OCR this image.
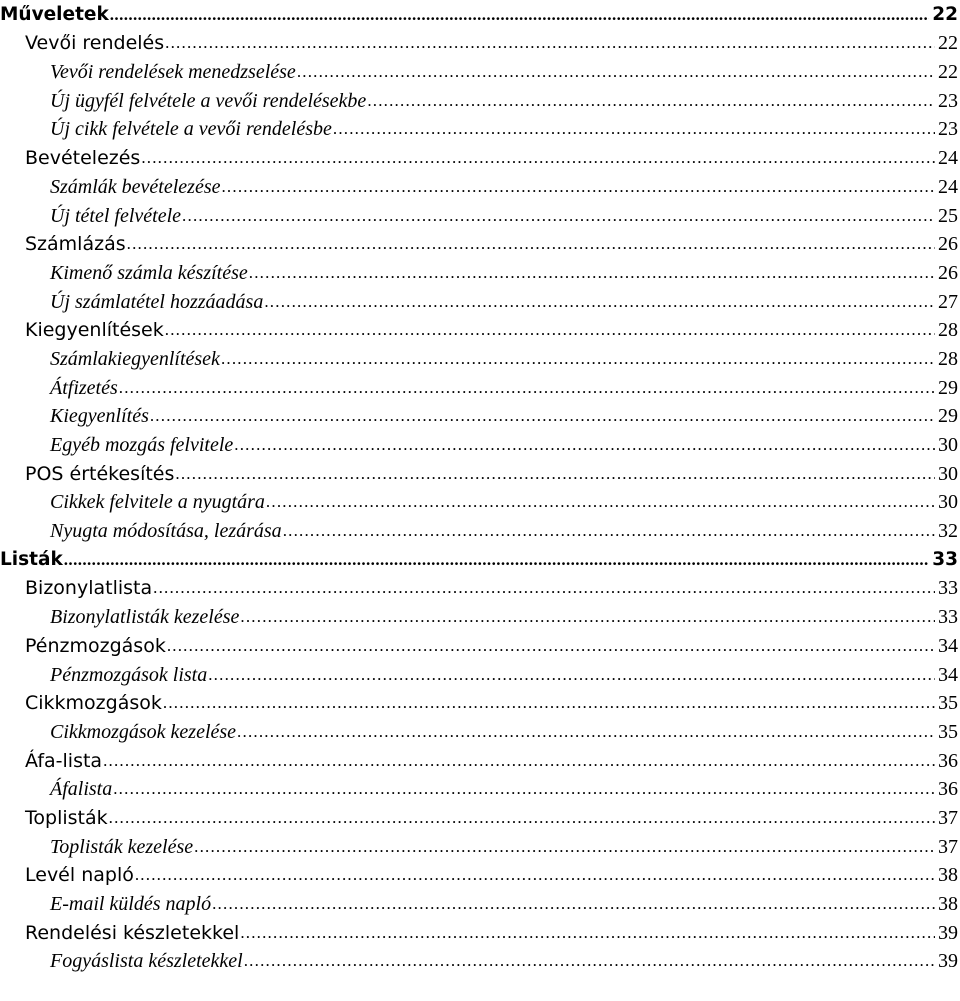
Műveletek .....	22
Vevői rendelés .....	22
Vevői rendelések menedzselése .....	22
Új ügyfél felvétele a vevői rendelésekbe .....	23
Új cikk felvétele a vevői rendelésbe .....	23
Bevételezés .....	24
Számlák bevételezése .....	24
Új tétel felvétele .....	25
Számlázás .....	26
Kimenő számla készítése .....	26
Új számlatétel hozzáadása .....	27
Kiegyenlítések .....	28
Számlakiegyenlítések .....	28
Átfizetés .....	29
Kiegyenlítés .....	29
Egyéb mozgás felvitele .....	30
POS értékesítés .....	30
Cikkek felvitele a nyugtára .....	30
Nyugta módosítása, lezárása .....	32
Listák .....	33
Bizonylatlista .....	33
Bizonylatlisták kezelése .....	33
Pénzmozgások .....	34
Pénzmozgások lista .....	34
Cikkmozgások .....	35
Cikkmozgások kezelése .....	35
Áfa-lista .....	36
Áfalista .....	36
Toplisták .....	37
Toplisták kezelése .....	37
Levél napló .....	38
E-mail küldés napló .....	38
Rendelési készletekkel .....	39
Fogyáslista készletekkel .....	39
